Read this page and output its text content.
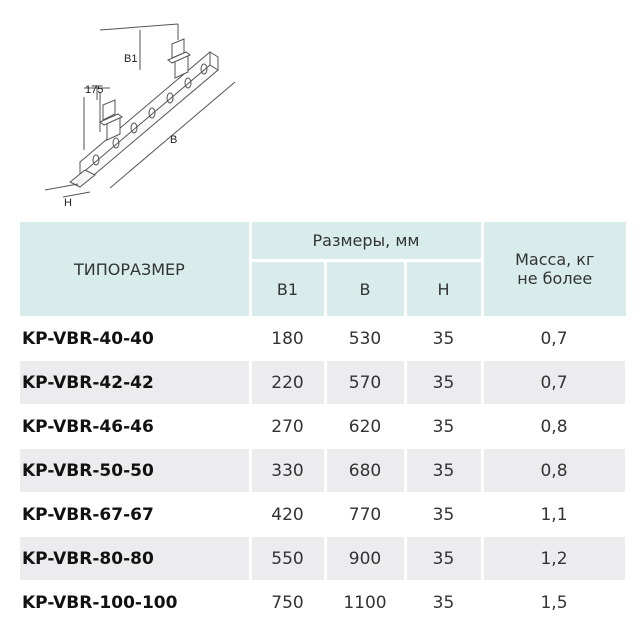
B1
175
B
H
ТИПОРАЗМЕР	Размеры, мм			Масса, кг не более
	B1	B	H	
KP-VBR-40-40	180	530	35	0,7
KP-VBR-42-42	220	570	35	0,7
KP-VBR-46-46	270	620	35	0,8
KP-VBR-50-50	330	680	35	0,8
KP-VBR-67-67	420	770	35	1,1
KP-VBR-80-80	550	900	35	1,2
KP-VBR-100-100	750	1100	35	1,5
